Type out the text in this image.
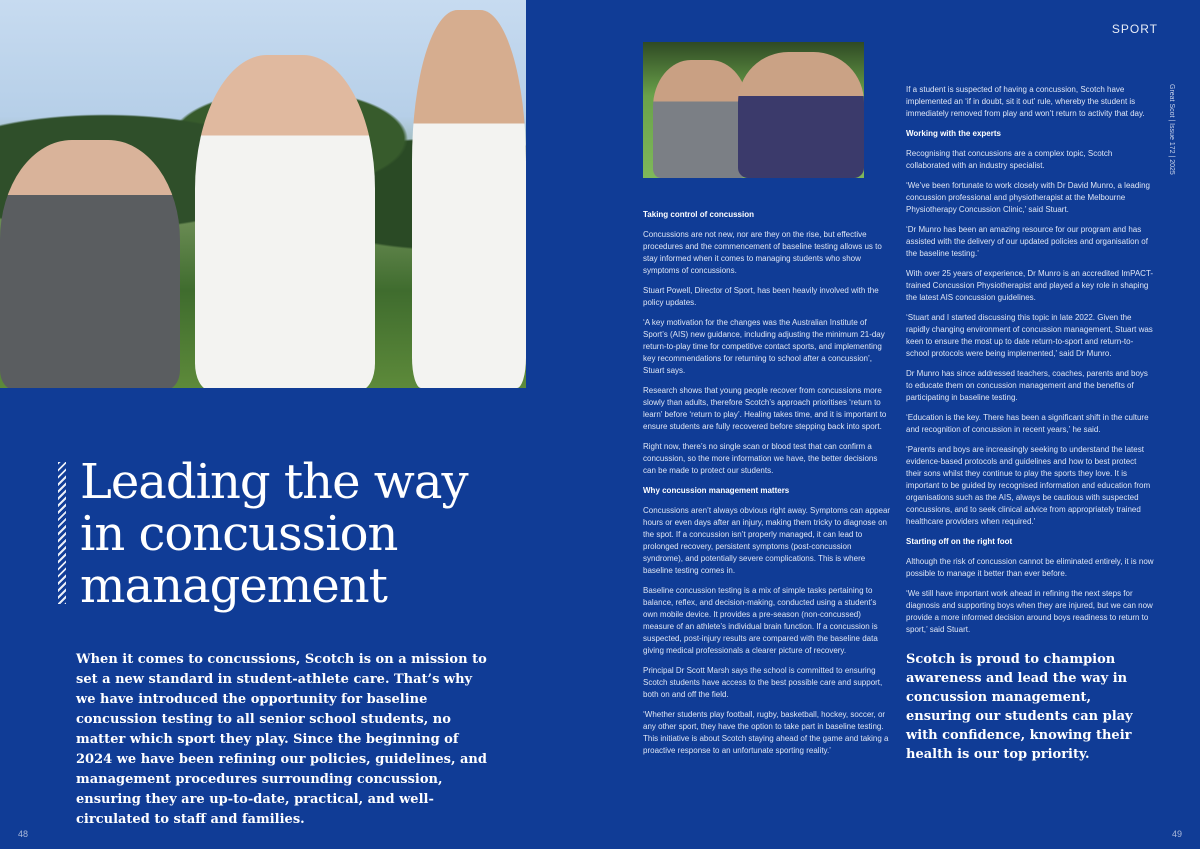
Leading the way
in concussion
management

When it comes to concussions, Scotch is on a mission to set a new standard in student-athlete care. That’s why we have introduced the opportunity for baseline concussion testing to all senior school students, no matter which sport they play. Since the beginning of 2024 we have been refining our policies, guidelines, and management procedures surrounding concussion, ensuring they are up-to-date, practical, and well-circulated to staff and families.

48
Taking control of concussion

Concussions are not new, nor are they on the rise, but effective procedures and the commencement of baseline testing allows us to stay informed when it comes to managing students who show symptoms of concussions.

Stuart Powell, Director of Sport, has been heavily involved with the policy updates.

‘A key motivation for the changes was the Australian Institute of Sport’s (AIS) new guidance, including adjusting the minimum 21-day return-to-play time for competitive contact sports, and implementing key recommendations for returning to school after a concussion’, Stuart says.

Research shows that young people recover from concussions more slowly than adults, therefore Scotch’s approach prioritises ‘return to learn’ before ‘return to play’. Healing takes time, and it is important to ensure students are fully recovered before stepping back into sport.

Right now, there’s no single scan or blood test that can confirm a concussion, so the more information we have, the better decisions can be made to protect our students.

Why concussion management matters

Concussions aren’t always obvious right away. Symptoms can appear hours or even days after an injury, making them tricky to diagnose on the spot. If a concussion isn’t properly managed, it can lead to prolonged recovery, persistent symptoms (post-concussion syndrome), and potentially severe complications. This is where baseline testing comes in.

Baseline concussion testing is a mix of simple tasks pertaining to balance, reflex, and decision-making, conducted using a student’s own mobile device. It provides a pre-season (non-concussed) measure of an athlete’s individual brain function. If a concussion is suspected, post-injury results are compared with the baseline data giving medical professionals a clearer picture of recovery.

Principal Dr Scott Marsh says the school is committed to ensuring Scotch students have access to the best possible care and support, both on and off the field.

‘Whether students play football, rugby, basketball, hockey, soccer, or any other sport, they have the option to take part in baseline testing. This initiative is about Scotch staying ahead of the game and taking a proactive response to an unfortunate sporting reality.’

If a student is suspected of having a concussion, Scotch have implemented an ‘if in doubt, sit it out’ rule, whereby the student is immediately removed from play and won’t return to activity that day.

Working with the experts

Recognising that concussions are a complex topic, Scotch collaborated with an industry specialist.

‘We’ve been fortunate to work closely with Dr David Munro, a leading concussion professional and physiotherapist at the Melbourne Physiotherapy Concussion Clinic,’ said Stuart.

‘Dr Munro has been an amazing resource for our program and has assisted with the delivery of our updated policies and organisation of the baseline testing.’

With over 25 years of experience, Dr Munro is an accredited ImPACT-trained Concussion Physiotherapist and played a key role in shaping the latest AIS concussion guidelines.

‘Stuart and I started discussing this topic in late 2022. Given the rapidly changing environment of concussion management, Stuart was keen to ensure the most up to date return-to-sport and return-to-school protocols were being implemented,’ said Dr Munro.

Dr Munro has since addressed teachers, coaches, parents and boys to educate them on concussion management and the benefits of participating in baseline testing.

‘Education is the key. There has been a significant shift in the culture and recognition of concussion in recent years,’ he said.

‘Parents and boys are increasingly seeking to understand the latest evidence-based protocols and guidelines and how to best protect their sons whilst they continue to play the sports they love. It is important to be guided by recognised information and education from organisations such as the AIS, always be cautious with suspected concussions, and to seek clinical advice from appropriately trained healthcare providers when required.’

Starting off on the right foot

Although the risk of concussion cannot be eliminated entirely, it is now possible to manage it better than ever before.

‘We still have important work ahead in refining the next steps for diagnosis and supporting boys when they are injured, but we can now provide a more informed decision around boys readiness to return to sport,’ said Stuart.

Scotch is proud to champion awareness and lead the way in concussion management, ensuring our students can play with confidence, knowing their health is our top priority.

SPORT
Great Scot | Issue 172 | 2025
49
